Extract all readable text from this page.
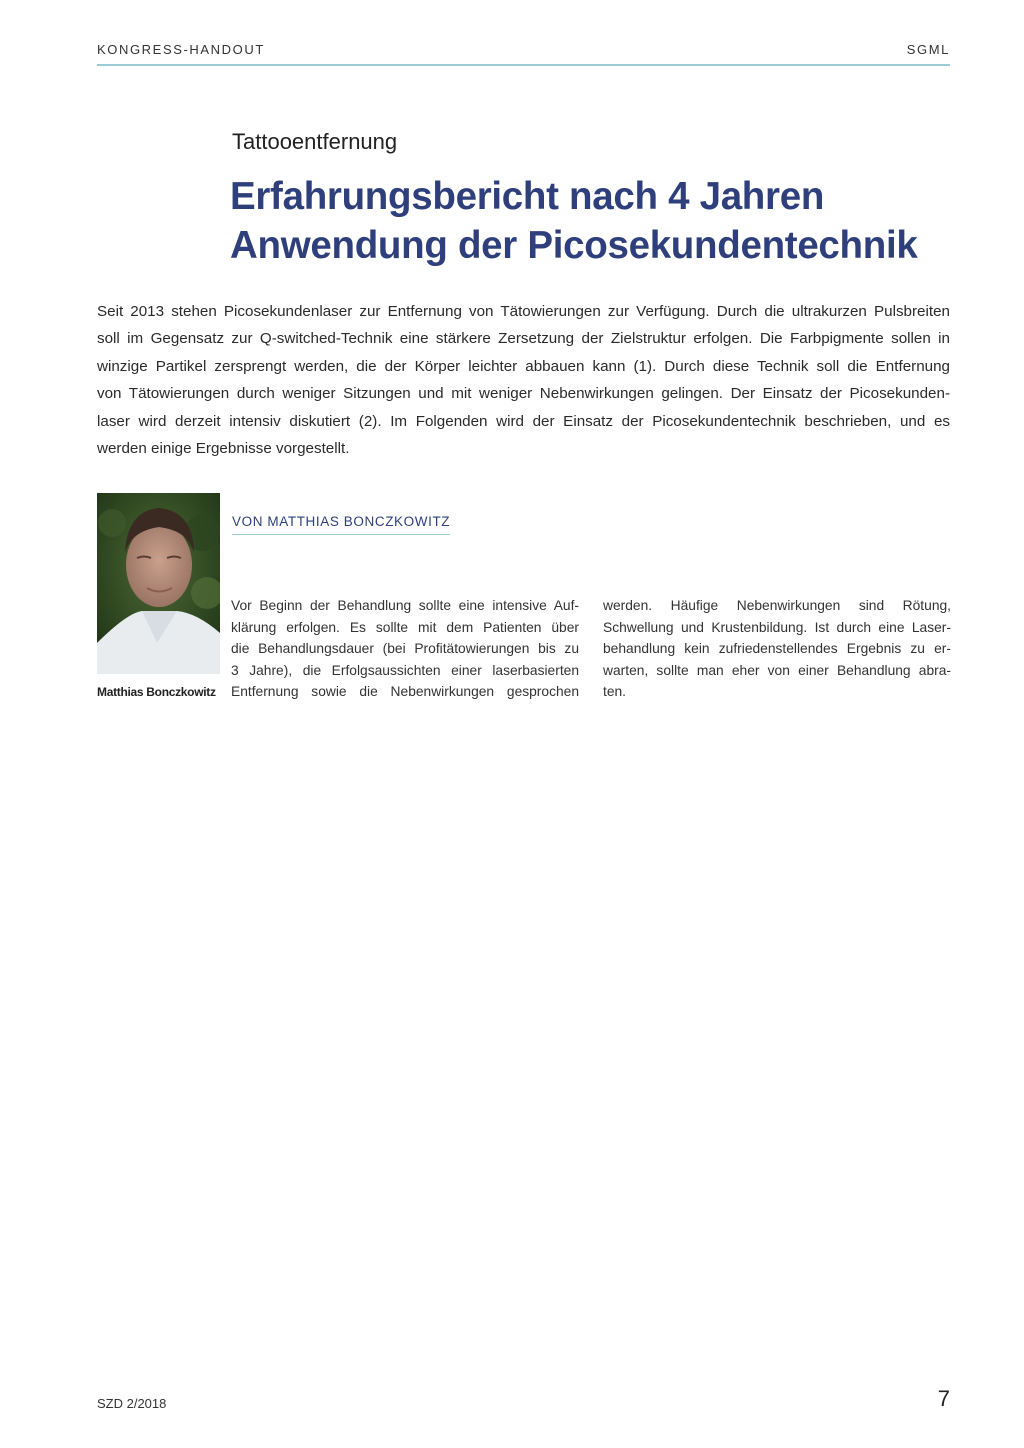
KONGRESS-HANDOUT	SGML
Tattooentfernung
Erfahrungsbericht nach 4 Jahren
Anwendung der Picosekundentechnik
Seit 2013 stehen Picosekundenlaser zur Entfernung von Tätowierungen zur Verfügung. Durch die ultrakurzen Pulsbreiten
soll im Gegensatz zur Q-switched-Technik eine stärkere Zersetzung der Zielstruktur erfolgen. Die Farbpigmente sollen in
winzige Partikel zersprengt werden, die der Körper leichter abbauen kann (1). Durch diese Technik soll die Entfernung
von Tätowierungen durch weniger Sitzungen und mit weniger Nebenwirkungen gelingen. Der Einsatz der Picosekunden-
laser wird derzeit intensiv diskutiert (2). Im Folgenden wird der Einsatz der Picosekundentechnik beschrieben, und es
werden einige Ergebnisse vorgestellt.
Matthias Bonczkowitz
VON MATTHIAS BONCZKOWITZ
Vor Beginn der Behandlung sollte eine intensive Auf-
klärung erfolgen. Es sollte mit dem Patienten über
die Behandlungsdauer (bei Profitätowierungen bis zu
3 Jahre), die Erfolgsaussichten einer laserbasierten
Entfernung sowie die Nebenwirkungen gesprochen
werden. Häufige Nebenwirkungen sind Rötung,
Schwellung und Krustenbildung. Ist durch eine Laser-
behandlung kein zufriedenstellendes Ergebnis zu er-
warten, sollte man eher von einer Behandlung abra-
ten.
SZD 2/2018	7
